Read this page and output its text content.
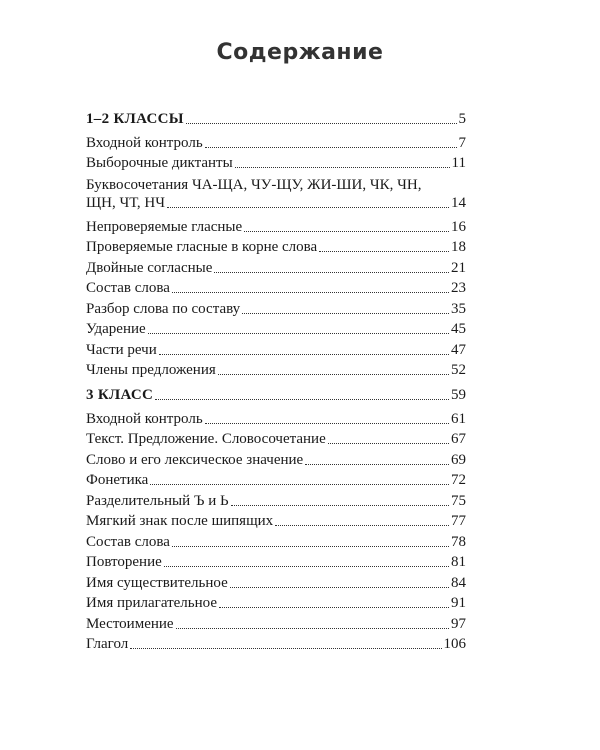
Содержание
1–2 КЛАССЫ	5
Входной контроль	7
Выборочные диктанты	11
Буквосочетания ЧА-ЩА, ЧУ-ЩУ, ЖИ-ШИ, ЧК, ЧН,
ЩН, ЧТ, НЧ	14
Непроверяемые гласные	16
Проверяемые гласные в корне слова	18
Двойные согласные	21
Состав слова	23
Разбор слова по составу	35
Ударение	45
Части речи	47
Члены предложения	52
3 КЛАСС	59
Входной контроль	61
Текст. Предложение. Словосочетание	67
Слово и его лексическое значение	69
Фонетика	72
Разделительный Ъ и Ь	75
Мягкий знак после шипящих	77
Состав слова	78
Повторение	81
Имя существительное	84
Имя прилагательное	91
Местоимение	97
Глагол	106
